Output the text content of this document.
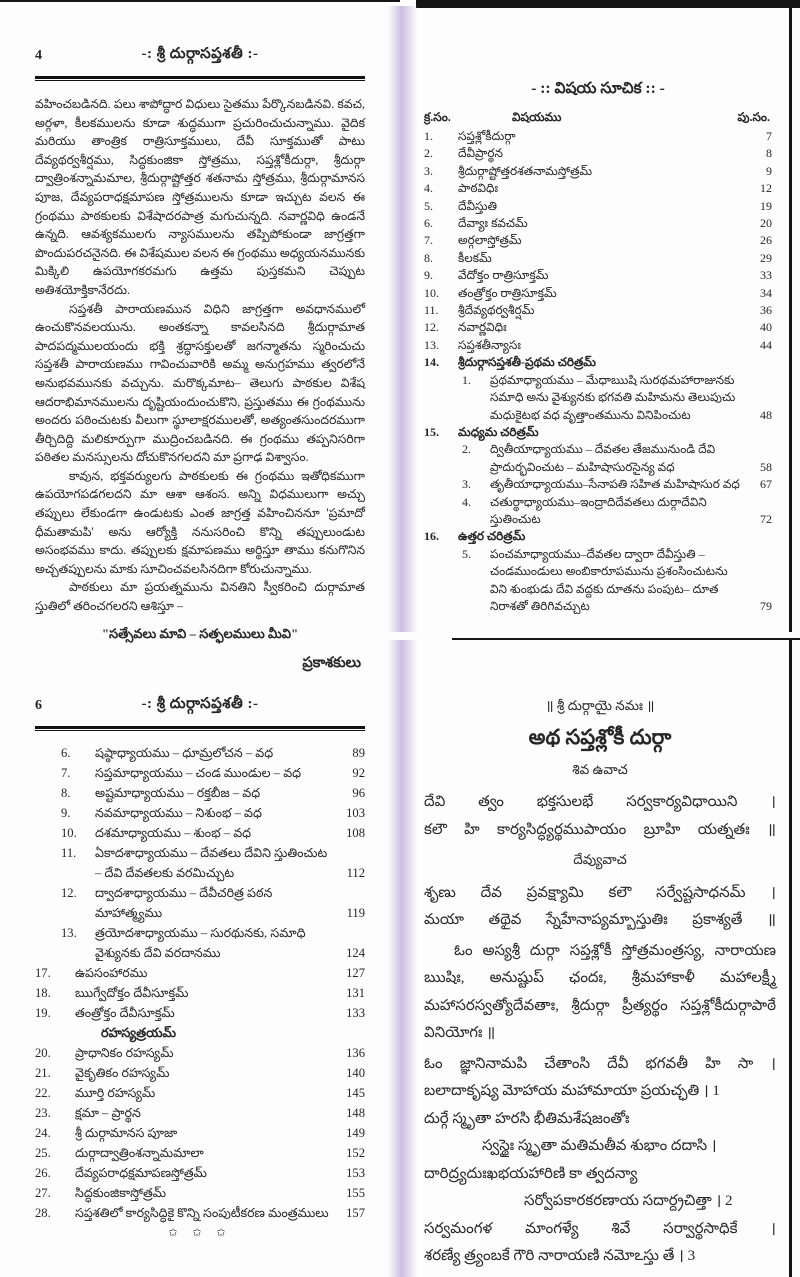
4	-: శ్రీ దుర్గాసప్తశతీ :-

వహించబడినది. పలు శాపోద్ధార విధులు సైతము పేర్కొనబడినవి. కవచ, అర్గళా, కీలకములను కూడా శుద్ధముగా ప్రచురించుచున్నాము. వైదిక మరియు తాంత్రిక రాత్రిసూక్తములు, దేవీ సూక్తముతో పాటు దేవ్యథర్వశీర్షము, సిద్ధకుంజికా స్తోత్రము, సప్తశ్లోకీదుర్గా, శ్రీదుర్గా ద్వాత్రింశన్నామమాల, శ్రీదుర్గాష్టోత్తర శతనామ స్తోత్రము, శ్రీదుర్గామానస పూజ, దేవ్యపరాధక్షమాపణ స్తోత్రములను కూడా ఇచ్చుట వలన ఈ గ్రంథము పాఠకులకు విశేషాదరపాత్ర మగుచున్నది. నవార్ణవిధి ఉండనే ఉన్నది. ఆవశ్యకములగు న్యాసములను తప్పిపోకుండా జాగ్రత్తగా పొందుపరచనైనది. ఈ విశేషముల వలన ఈ గ్రంథము అధ్యయనమునకు మిక్కిలి ఉపయోగకరమగు ఉత్తమ పుస్తకమని చెప్పుట అతిశయోక్తికానేరదు.

సప్తశతీ పారాయణమున విధిని జాగ్రత్తగా అవధానములో ఉంచుకొనవలయును. అంతకన్నా కావలసినది శ్రీదుర్గామాత పాదపద్మములయందు భక్తి శ్రద్ధాసక్తులతో జగన్మాతను స్మరించుచు సప్తశతీ పారాయణము గావించువారికి అమ్మ అనుగ్రహము త్వరలోనే అనుభవమునకు వచ్చును. మరొక్కమాట– తెలుగు పాఠకుల విశేష ఆదరాభిమానములను దృష్టియందుంచుకొని, ప్రస్తుతము ఈ గ్రంథమును అందరు పఠించుటకు వీలుగా స్థూలాక్షరములతో, అత్యంతసుందరముగా తీర్చిదిద్ది మలికూర్పుగా ముద్రించబడినది. ఈ గ్రంథము తప్పనిసరిగా పఠితల మనస్సులను దోచుకొనగలదని మా ప్రగాఢ విశ్వాసం.

కావున, భక్తవర్యులగు పాఠకులకు ఈ గ్రంథము ఇతోధికముగా ఉపయోగపడగలదని మా ఆశా ఆశంస. అన్ని విధములుగా అచ్చు తప్పులు లేకుండగా ఉండుటకు ఎంత జాగ్రత్త వహించిననూ 'ప్రమాదో ధీమతామపి' అను ఆర్యోక్తి ననుసరించి కొన్ని తప్పులుండుట అసంభవము కాదు. తప్పులకు క్షమాపణము అర్థిస్తూ తాము కనుగొనిన అచ్చతప్పులను మాకు సూచించవలసినదిగా కోరుచున్నాము.

పాఠకులు మా ప్రయత్నమును వినతిని స్వీకరించి దుర్గామాత స్తుతిలో తరించగలరని ఆశిస్తూ –

"సత్సేవలు మావి – సత్ఫలములు మీవి"
ప్రకాశకులు
- :: విషయ సూచిక :: -
క్ర.సం.	విషయము	పు.సం.
1.	సప్తశ్లోకీదుర్గా	7
2.	దేవీప్రార్థన	8
3.	శ్రీదుర్గాష్టోత్తరశతనామస్తోత్రమ్	9
4.	పాఠవిధిః	12
5.	దేవీస్తుతి	19
6.	దేవ్యాః కవచమ్	20
7.	అర్గలాస్తోత్రమ్	26
8.	కీలకమ్	29
9.	వేదోక్తం రాత్రిసూక్తమ్	33
10.	తంత్రోక్తం రాత్రిసూక్తమ్	34
11.	శ్రీదేవ్యథర్వశీర్షమ్	36
12.	నవార్ణవిధిః	40
13.	సప్తశతీన్యాసః	44
14.	శ్రీదుర్గాసప్తశతీ-ప్రథమ చరిత్రమ్
1.	ప్రథమాధ్యాయము – మేధాఋషి సురథమహారాజునకు సమాధి అను వైశ్యునకు భగవతి మహిమను తెలుపుచు మధుకైటభ వధ వృత్తాంతమును వినిపించుట	48
15.	మధ్యమ చరిత్రమ్
2.	ద్వితీయాధ్యాయము – దేవతల తేజమునుండి దేవి ప్రాదుర్భవించుట – మహిషాసురసైన్య వధ	58
3.	తృతీయాధ్యాయము–సేనాపతి సహిత మహిషాసుర వధ	67
4.	చతుర్థాధ్యాయము–ఇంద్రాదిదేవతలు దుర్గాదేవిని స్తుతించుట	72
16.	ఉత్తర చరిత్రమ్
5.	పంచమాధ్యాయము–దేవతల ద్వారా దేవీస్తుతి – చండముండులు అంబికారూపమును ప్రశంసించుటను విని శుంభుడు దేవి వద్దకు దూతను పంపుట– దూత నిరాశతో తిరిగివచ్చుట	79
6	-: శ్రీ దుర్గాసప్తశతీ :-
6.	షష్ఠాధ్యాయము – ధూమ్రలోచన – వధ	89
7.	సప్తమాధ్యాయము – చండ ముండుల – వధ	92
8.	అష్టమాధ్యాయము – రక్తబీజ – వధ	96
9.	నవమాధ్యాయము – నిశుంభ – వధ	103
10.	దశమాధ్యాయము – శుంభ – వధ	108
11.	ఏకాదశాధ్యాయము – దేవతలు దేవిని స్తుతించుట – దేవి దేవతలకు వరమిచ్చుట	112
12.	ద్వాదశాధ్యాయము – దేవీచరిత్ర పఠన మాహాత్మ్యము	119
13.	త్రయోదశాధ్యాయము – సురథునకు, సమాధి వైశ్యునకు దేవి వరదానము	124
17.	ఉపసంహారము	127
18.	ఋగ్వేదోక్తం దేవీసూక్తమ్	131
19.	తంత్రోక్తం దేవీసూక్తమ్	133
రహస్యత్రయమ్
20.	ప్రాధానికం రహస్యమ్	136
21.	వైకృతికం రహస్యమ్	140
22.	మూర్తి రహస్యమ్	145
23.	క్షమా – ప్రార్థన	148
24.	శ్రీ దుర్గామానస పూజా	149
25.	దుర్గాద్వాత్రింశన్నామమాలా	152
26.	దేవ్యపరాధక్షమాపణస్తోత్రమ్	153
27.	సిద్ధకుంజికాస్తోత్రమ్	155
28.	సప్తశతిలో కార్యసిద్ధికై కొన్ని సంపుటీకరణ మంత్రములు	157
✩ ✩ ✩
॥ శ్రీ దుర్గాయై నమః ॥
అథ సప్తశ్లోకీ దుర్గా
శివ ఉవాచ
దేవి త్వం భక్తసులభే సర్వకార్యవిధాయిని ।
కలౌ హి కార్యసిద్ధ్యర్థముపాయం బ్రూహి యత్నతః ॥
దేవ్యువాచ
శృణు దేవ ప్రవక్ష్యామి కలౌ సర్వేష్టసాధనమ్ ।
మయా తథైవ స్నేహేనాప్యమ్బాస్తుతిః ప్రకాశ్యతే ॥
ఓం అస్యశ్రీ దుర్గా సప్తశ్లోకీ స్తోత్రమంత్రస్య, నారాయణ ఋషిః, అనుష్టుప్ ఛందః, శ్రీమహాకాళీ మహాలక్ష్మీ మహాసరస్వత్యోదేవతాః, శ్రీదుర్గా ప్రీత్యర్థం సప్తశ్లోకీదుర్గాపాఠే వినియోగః ॥
ఓం జ్ఞానినామపి చేతాంసి దేవీ భగవతీ హి సా ।
బలాదాకృష్య మోహాయ మహామాయా ప్రయచ్ఛతి । 1
దుర్గే స్మృతా హరసి భీతిమశేషజంతోః
స్వస్థైః స్మృతా మతిమతీవ శుభాం దదాసి ।
దారిద్ర్యదుఃఖభయహారిణి కా త్వదన్యా
సర్వోపకారకరణాయ సదార్ద్రచిత్తా । 2
సర్వమంగళ మాంగళ్యే శివే సర్వార్థసాధికే ।
శరణ్యే త్ర్యంబకే గౌరి నారాయణి నమోఽస్తు తే । 3
